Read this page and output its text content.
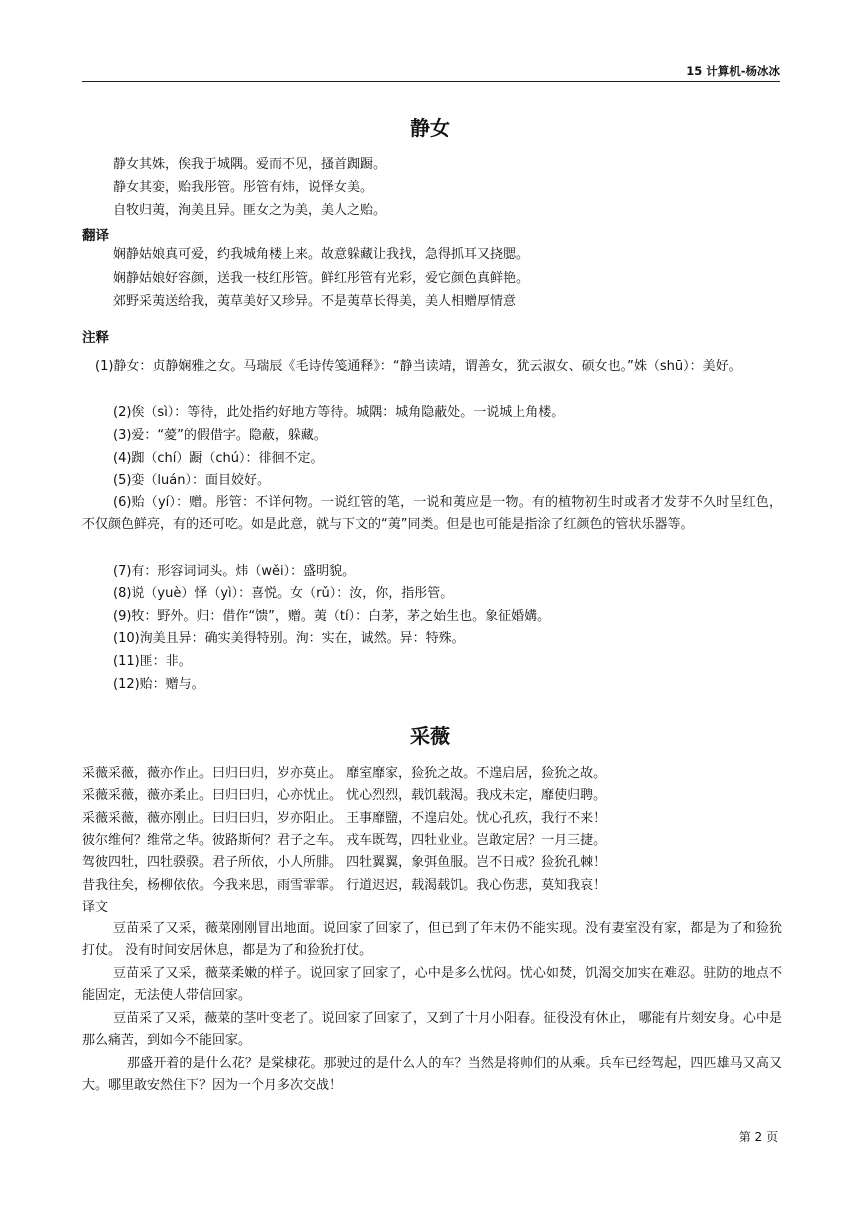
15 计算机-杨冰冰
静女
静女其姝，俟我于城隅。爱而不见，搔首踟蹰。
静女其娈，贻我彤管。彤管有炜，说怿女美。
自牧归荑，洵美且异。匪女之为美，美人之贻。
翻译
娴静姑娘真可爱，约我城角楼上来。故意躲藏让我找，急得抓耳又挠腮。
娴静姑娘好容颜，送我一枝红彤管。鲜红彤管有光彩，爱它颜色真鲜艳。
郊野采荑送给我，荑草美好又珍异。不是荑草长得美，美人相赠厚情意
注释
(1)静女：贞静娴雅之女。马瑞辰《毛诗传笺通释》：“静当读靖，谓善女，犹云淑女、硕女也。”姝（shū）：美好。
(2)俟（sì）：等待，此处指约好地方等待。城隅：城角隐蔽处。一说城上角楼。
(3)爱：“薆”的假借字。隐蔽，躲藏。
(4)踟（chí）蹰（chú）：徘徊不定。
(5)娈（luán）：面目姣好。
(6)贻（yí）：赠。彤管：不详何物。一说红管的笔，一说和荑应是一物。有的植物初生时或者才发芽不久时呈红色，不仅颜色鲜亮，有的还可吃。如是此意，就与下文的“荑”同类。但是也可能是指涂了红颜色的管状乐器等。
(7)有：形容词词头。炜（wěi）：盛明貌。
(8)说（yuè）怿（yì）：喜悦。女（rǔ）：汝，你，指彤管。
(9)牧：野外。归：借作“馈”，赠。荑（tí）：白茅，茅之始生也。象征婚媾。
(10)洵美且异：确实美得特别。洵：实在，诚然。异：特殊。
(11)匪：非。
(12)贻：赠与。
采薇
采薇采薇，薇亦作止。曰归曰归，岁亦莫止。 靡室靡家，猃狁之故。不遑启居，猃狁之故。
采薇采薇，薇亦柔止。曰归曰归，心亦忧止。 忧心烈烈，载饥载渴。我戍未定，靡使归聘。
采薇采薇，薇亦刚止。曰归曰归，岁亦阳止。 王事靡盬，不遑启处。忧心孔疚，我行不来！
彼尔维何？维常之华。彼路斯何？君子之车。 戎车既驾，四牡业业。岂敢定居？一月三捷。
驾彼四牡，四牡骙骙。君子所依，小人所腓。 四牡翼翼，象弭鱼服。岂不日戒？猃狁孔棘！
昔我往矣，杨柳依依。今我来思，雨雪霏霏。 行道迟迟，载渴载饥。我心伤悲，莫知我哀！
译文
豆苗采了又采，薇菜刚刚冒出地面。说回家了回家了，但已到了年末仍不能实现。没有妻室没有家，都是为了和猃狁打仗。 没有时间安居休息，都是为了和猃狁打仗。
豆苗采了又采，薇菜柔嫩的样子。说回家了回家了，心中是多么忧闷。忧心如焚，饥渴交加实在难忍。驻防的地点不能固定，无法使人带信回家。
豆苗采了又采，薇菜的茎叶变老了。说回家了回家了，又到了十月小阳春。征役没有休止， 哪能有片刻安身。心中是那么痛苦，到如今不能回家。
那盛开着的是什么花？是棠棣花。那驶过的是什么人的车？当然是将帅们的从乘。兵车已经驾起，四匹雄马又高又大。哪里敢安然住下？因为一个月多次交战！
第 2 页
